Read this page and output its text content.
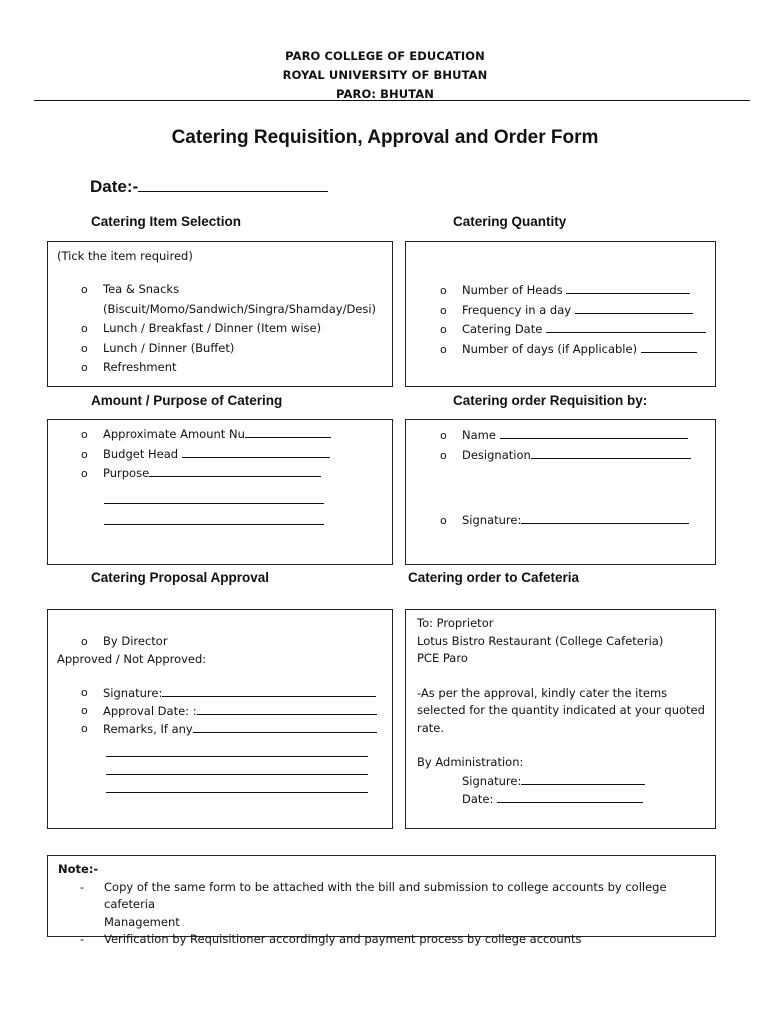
PARO COLLEGE OF EDUCATION
ROYAL UNIVERSITY OF BHUTAN
PARO: BHUTAN
Catering Requisition, Approval and Order Form
Date:-
Catering Item Selection	Catering Quantity
(Tick the item required)
o Tea & Snacks
(Biscuit/Momo/Sandwich/Singra/Shamday/Desi)
o Lunch / Breakfast / Dinner (Item wise)
o Lunch / Dinner (Buffet)
o Refreshment
o Number of Heads
o Frequency in a day
o Catering Date
o Number of days (if Applicable)
Amount / Purpose of Catering	Catering order Requisition by:
o Approximate Amount Nu
o Budget Head
o Purpose
o Name
o Designation
o Signature:
Catering Proposal Approval	Catering order to Cafeteria
o By Director
Approved / Not Approved:
o Signature:
o Approval Date: :
o Remarks, If any
To: Proprietor
Lotus Bistro Restaurant (College Cafeteria)
PCE Paro
-As per the approval, kindly cater the items
selected for the quantity indicated at your quoted
rate.
By Administration:
Signature:
Date:
Note:-
- Copy of the same form to be attached with the bill and submission to college accounts by college cafeteria
Management
- Verification by Requisitioner accordingly and payment process by college accounts
